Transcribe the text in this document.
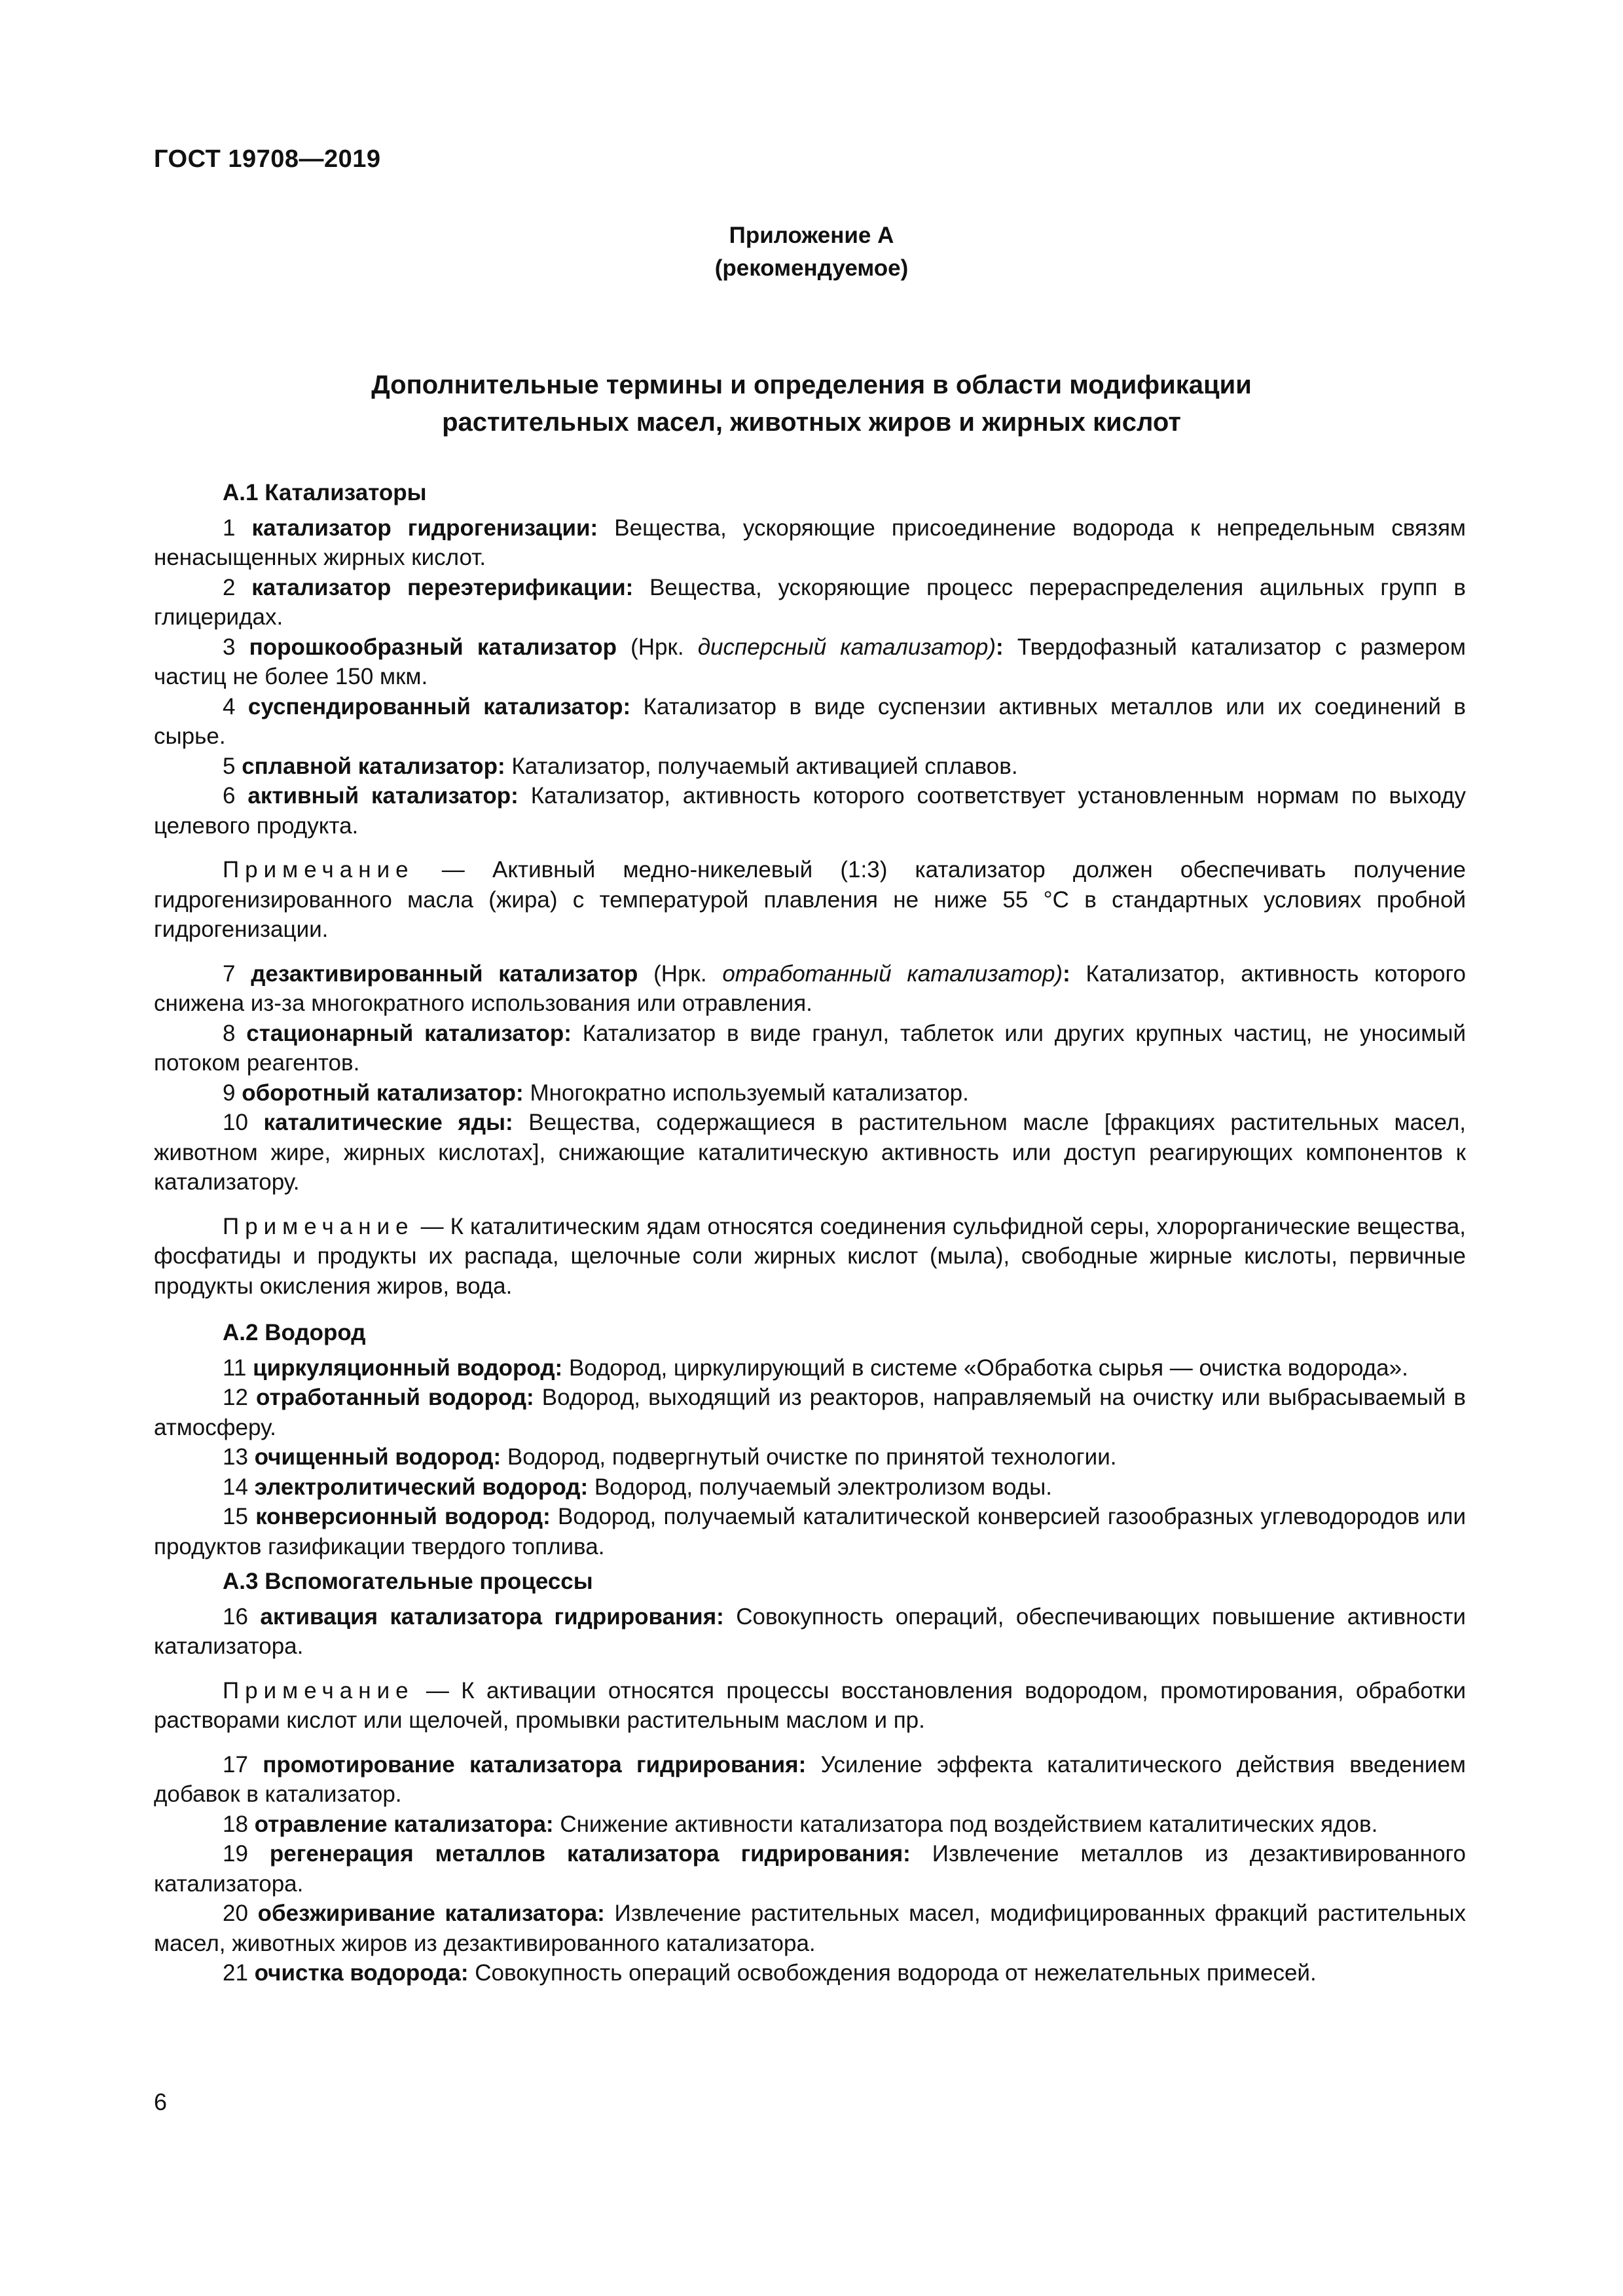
ГОСТ 19708—2019
Приложение А
(рекомендуемое)
Дополнительные термины и определения в области модификации
растительных масел, животных жиров и жирных кислот

А.1 Катализаторы

1 катализатор гидрогенизации: Вещества, ускоряющие присоединение водорода к непредельным связям ненасыщенных жирных кислот.

2 катализатор переэтерификации: Вещества, ускоряющие процесс перераспределения ацильных групп в глицеридах.

3 порошкообразный катализатор (Нрк. дисперсный катализатор): Твердофазный катализатор с размером частиц не более 150 мкм.

4 суспендированный катализатор: Катализатор в виде суспензии активных металлов или их соединений в сырье.

5 сплавной катализатор: Катализатор, получаемый активацией сплавов.

6 активный катализатор: Катализатор, активность которого соответствует установленным нормам по выходу целевого продукта.

Примечание — Активный медно-никелевый (1:3) катализатор должен обеспечивать получение гидрогенизированного масла (жира) с температурой плавления не ниже 55 °С в стандартных условиях пробной гидрогенизации.

7 дезактивированный катализатор (Нрк. отработанный катализатор): Катализатор, активность которого снижена из-за многократного использования или отравления.

8 стационарный катализатор: Катализатор в виде гранул, таблеток или других крупных частиц, не уносимый потоком реагентов.

9 оборотный катализатор: Многократно используемый катализатор.

10 каталитические яды: Вещества, содержащиеся в растительном масле [фракциях растительных масел, животном жире, жирных кислотах], снижающие каталитическую активность или доступ реагирующих компонентов к катализатору.

Примечание — К каталитическим ядам относятся соединения сульфидной серы, хлорорганические вещества, фосфатиды и продукты их распада, щелочные соли жирных кислот (мыла), свободные жирные кислоты, первичные продукты окисления жиров, вода.

А.2 Водород

11 циркуляционный водород: Водород, циркулирующий в системе «Обработка сырья — очистка водорода».

12 отработанный водород: Водород, выходящий из реакторов, направляемый на очистку или выбрасываемый в атмосферу.

13 очищенный водород: Водород, подвергнутый очистке по принятой технологии.

14 электролитический водород: Водород, получаемый электролизом воды.

15 конверсионный водород: Водород, получаемый каталитической конверсией газообразных углеводородов или продуктов газификации твердого топлива.

А.3 Вспомогательные процессы

16 активация катализатора гидрирования: Совокупность операций, обеспечивающих повышение активности катализатора.

Примечание — К активации относятся процессы восстановления водородом, промотирования, обработки растворами кислот или щелочей, промывки растительным маслом и пр.

17 промотирование катализатора гидрирования: Усиление эффекта каталитического действия введением добавок в катализатор.

18 отравление катализатора: Снижение активности катализатора под воздействием каталитических ядов.

19 регенерация металлов катализатора гидрирования: Извлечение металлов из дезактивированного катализатора.

20 обезжиривание катализатора: Извлечение растительных масел, модифицированных фракций растительных масел, животных жиров из дезактивированного катализатора.

21 очистка водорода: Совокупность операций освобождения водорода от нежелательных примесей.

6
